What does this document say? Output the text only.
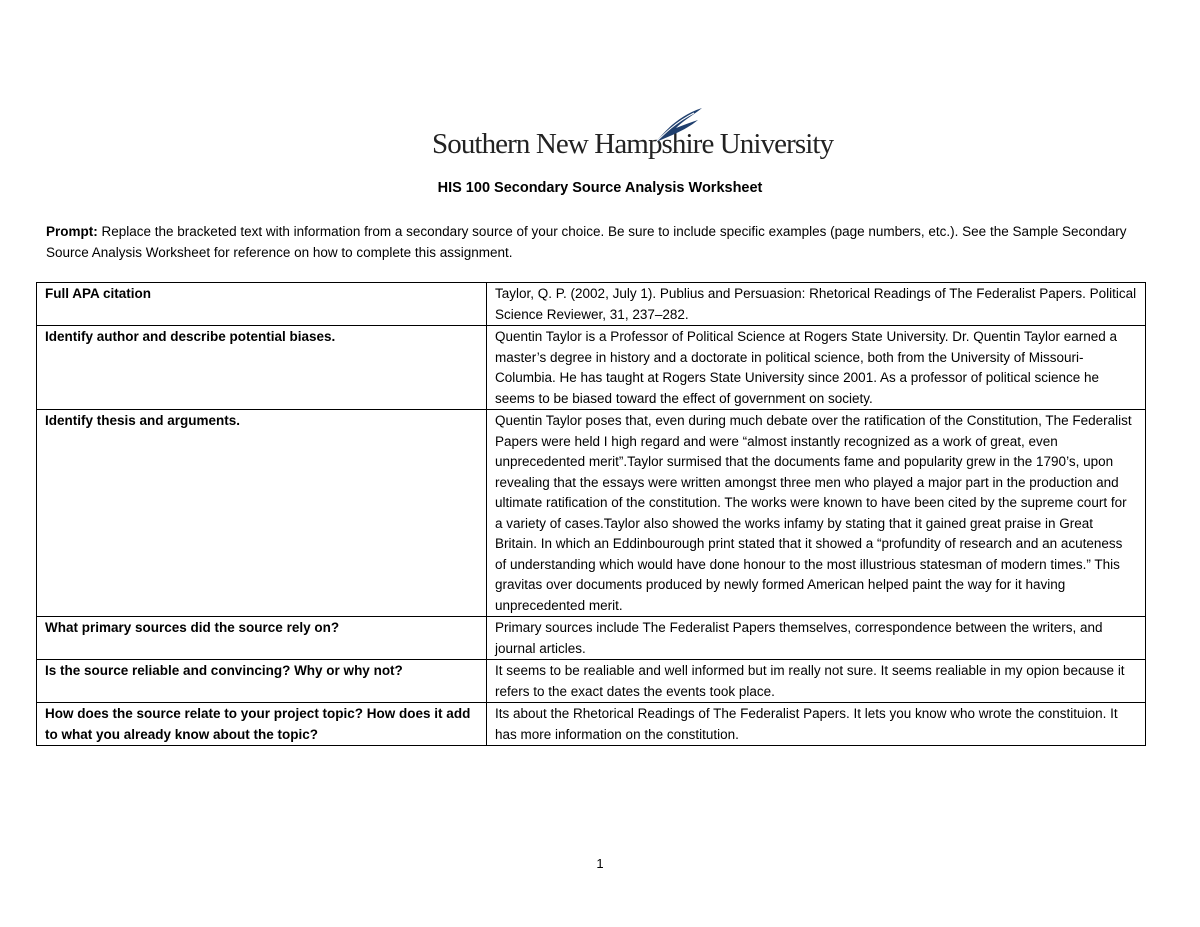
Southern New Hampshire University
HIS 100 Secondary Source Analysis Worksheet
Prompt: Replace the bracketed text with information from a secondary source of your choice. Be sure to include specific examples (page numbers, etc.). See the Sample Secondary Source Analysis Worksheet for reference on how to complete this assignment.
Full APA citation	Taylor, Q. P. (2002, July 1). Publius and Persuasion: Rhetorical Readings of The Federalist Papers. Political Science Reviewer, 31, 237–282.
Identify author and describe potential biases.	Quentin Taylor is a Professor of Political Science at Rogers State University. Dr. Quentin Taylor earned a master’s degree in history and a doctorate in political science, both from the University of Missouri-Columbia. He has taught at Rogers State University since 2001. As a professor of political science he seems to be biased toward the effect of government on society.
Identify thesis and arguments.	Quentin Taylor poses that, even during much debate over the ratification of the Constitution, The Federalist Papers were held I high regard and were “almost instantly recognized as a work of great, even unprecedented merit”.Taylor surmised that the documents fame and popularity grew in the 1790’s, upon revealing that the essays were written amongst three men who played a major part in the production and ultimate ratification of the constitution. The works were known to have been cited by the supreme court for a variety of cases.Taylor also showed the works infamy by stating that it gained great praise in Great Britain. In which an Eddinbourough print stated that it showed a “profundity of research and an acuteness of understanding which would have done honour to the most illustrious statesman of modern times.” This gravitas over documents produced by newly formed American helped paint the way for it having unprecedented merit.
What primary sources did the source rely on?	Primary sources include The Federalist Papers themselves, correspondence between the writers, and journal articles.
Is the source reliable and convincing? Why or why not?	It seems to be realiable and well informed but im really not sure. It seems realiable in my opion because it refers to the exact dates the events took place.
How does the source relate to your project topic? How does it add to what you already know about the topic?	Its about the Rhetorical Readings of The Federalist Papers. It lets you know who wrote the constituion. It has more information on the constitution.
1
